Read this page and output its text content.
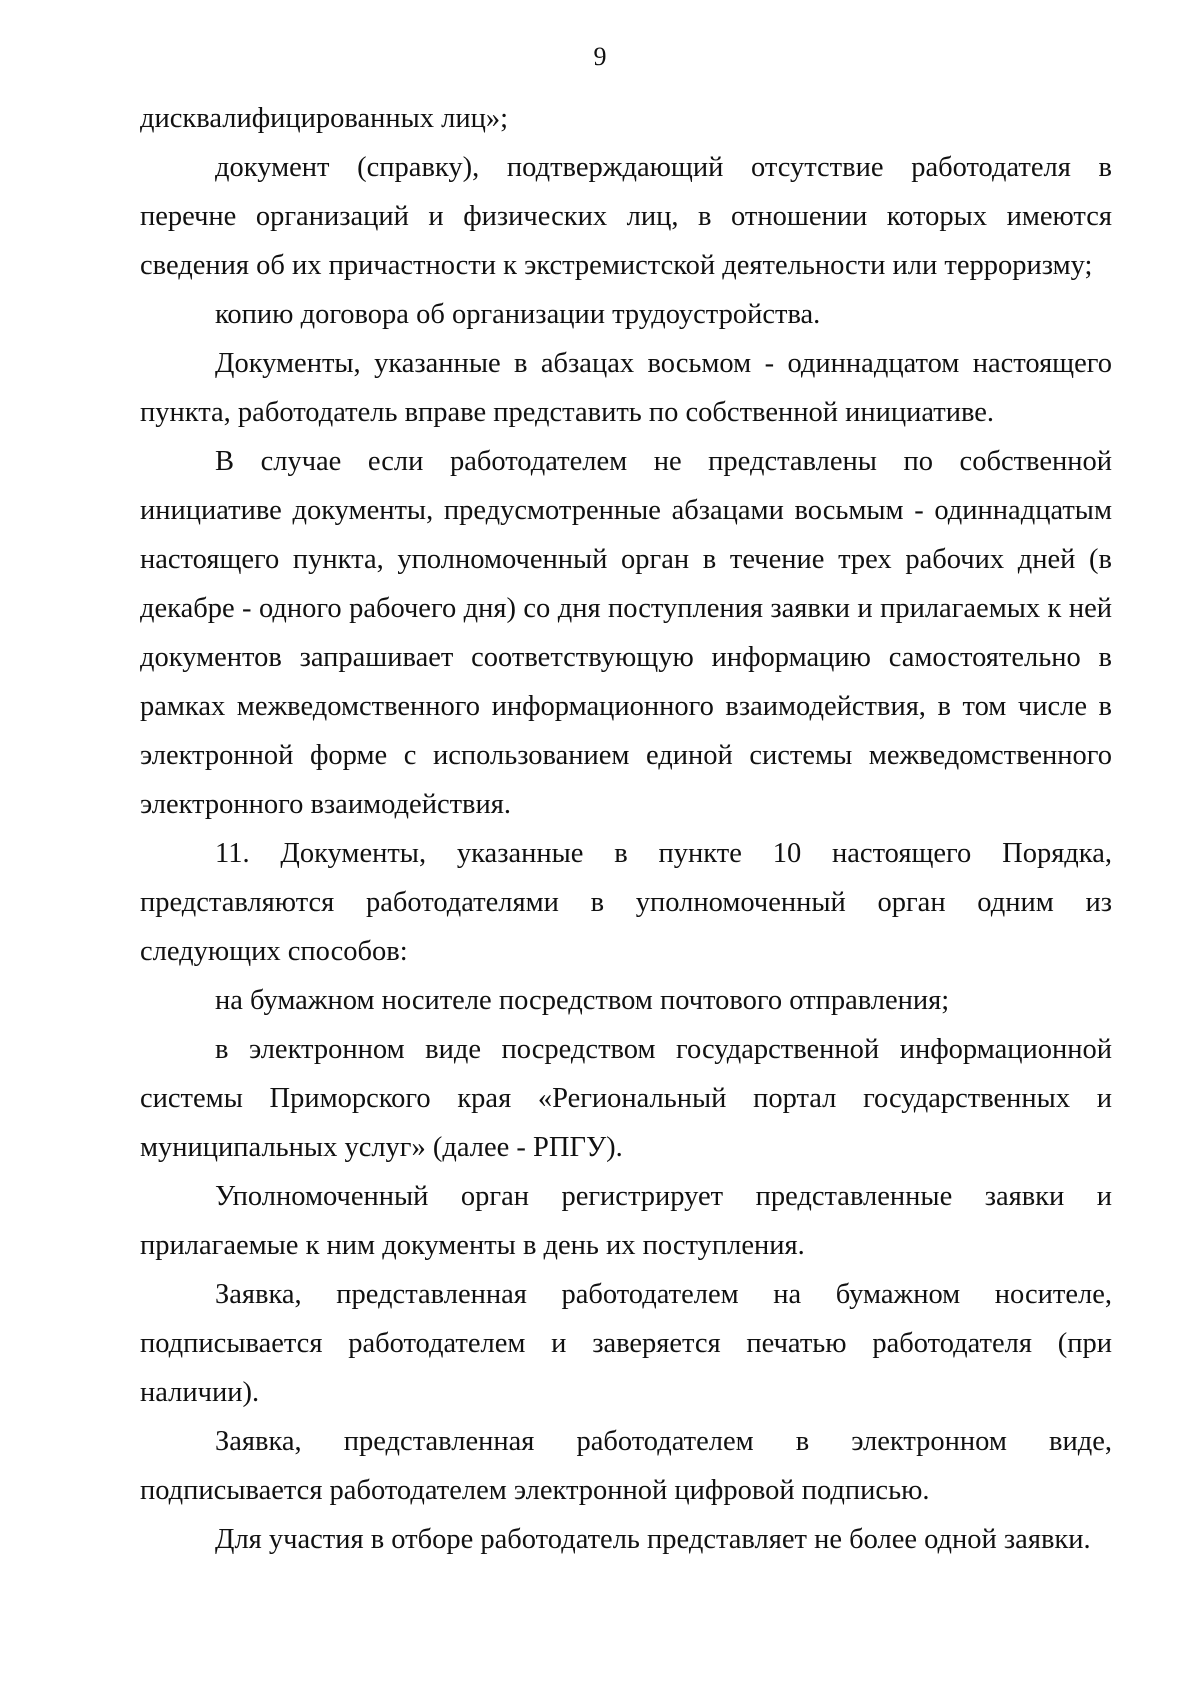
9

дисквалифицированных лиц»;

документ (справку), подтверждающий отсутствие работодателя в перечне организаций и физических лиц, в отношении которых имеются сведения об их причастности к экстремистской деятельности или терроризму;

копию договора об организации трудоустройства.

Документы, указанные в абзацах восьмом - одиннадцатом настоящего пункта, работодатель вправе представить по собственной инициативе.

В случае если работодателем не представлены по собственной инициативе документы, предусмотренные абзацами восьмым - одиннадцатым настоящего пункта, уполномоченный орган в течение трех рабочих дней (в декабре - одного рабочего дня) со дня поступления заявки и прилагаемых к ней документов запрашивает соответствующую информацию самостоятельно в рамках межведомственного информационного взаимодействия, в том числе в электронной форме с использованием единой системы межведомственного электронного взаимодействия.

11. Документы, указанные в пункте 10 настоящего Порядка, представляются работодателями в уполномоченный орган одним из следующих способов:

на бумажном носителе посредством почтового отправления;

в электронном виде посредством государственной информационной системы Приморского края «Региональный портал государственных и муниципальных услуг» (далее - РПГУ).

Уполномоченный орган регистрирует представленные заявки и прилагаемые к ним документы в день их поступления.

Заявка, представленная работодателем на бумажном носителе, подписывается работодателем и заверяется печатью работодателя (при наличии).

Заявка, представленная работодателем в электронном виде, подписывается работодателем электронной цифровой подписью.

Для участия в отборе работодатель представляет не более одной заявки.
